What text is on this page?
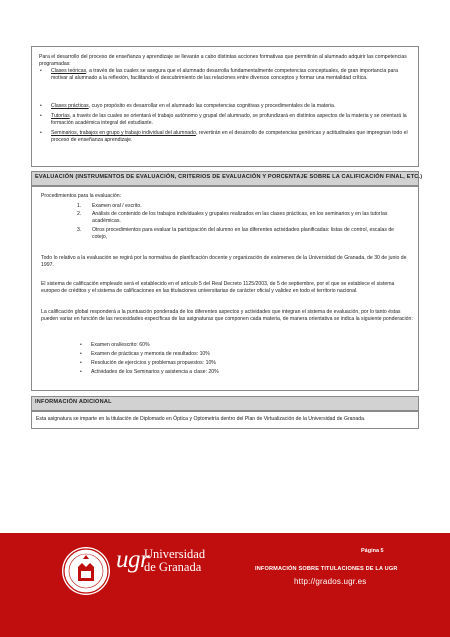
Para el desarrollo del proceso de enseñanza y aprendizaje se llevarán a cabo distintas acciones formativas que permitirán al alumnado adquirir las competencias programadas:
• Clases teóricas, a través de las cuales se asegura que el alumnado desarrolla fundamentalmente competencias conceptuales, de gran importancia para motivar al alumnado a la reflexión, facilitando el descubrimiento de las relaciones entre diversos conceptos y formar una mentalidad crítica.
• Clases prácticas, cuyo propósito es desarrollar en el alumnado las competencias cognitivas y procedimentales de la materia.
• Tutorías, a través de las cuales se orientará el trabajo autónomo y grupal del alumnado, se profundizará en distintos aspectos de la materia y se orientará la formación académica integral del estudiante.
• Seminarios, trabajos en grupo y trabajo individual del alumnado, revertirán en el desarrollo de competencias genéricas y actitudinales que impregnan todo el proceso de enseñanza aprendizaje.
EVALUACIÓN (INSTRUMENTOS DE EVALUACIÓN, CRITERIOS DE EVALUACIÓN Y PORCENTAJE SOBRE LA CALIFICACIÓN FINAL, ETC.)
Procedimientos para la evaluación:
1. Examen oral / escrito.
2. Análisis de contenido de los trabajos individuales y grupales realizados en las clases prácticas, en los seminarios y en las tutorías académicas.
3. Otros procedimientos para evaluar la participación del alumno en las diferentes actividades planificadas: listas de control, escalas de cotejo,
Todo lo relativo a la evaluación se regirá por la normativa de planificación docente y organización de exámenes de la Universidad de Granada, de 30 de junio de 1997.
El sistema de calificación empleado será el establecido en el artículo 5 del Real Decreto 1125/2003, de 5 de septiembre, por el que se establece el sistema europeo de créditos y el sistema de calificaciones en las titulaciones universitarias de carácter oficial y validez en todo el territorio nacional.
La calificación global responderá a la puntuación ponderada de los diferentes aspectos y actividades que integran el sistema de evaluación, por lo tanto éstas pueden variar en función de las necesidades específicas de las asignaturas que componen cada materia, de manera orientativa se indica la siguiente ponderación:
• Examen oral/escrito: 60%
• Examen de prácticas y memoria de resultados: 10%
• Resolución de ejercicios y problemas propuestos: 10%
• Actividades de los Seminarios y asistencia a clase: 20%
INFORMACIÓN ADICIONAL
Esta asignatura se imparte en la titulación de Diplomado en Óptica y Optometría dentro del Plan de Virtualización de la Universidad de Granada.
ugr
Universidad
de Granada
Página 5
INFORMACIÓN SOBRE TITULACIONES DE LA UGR
http://grados.ugr.es
